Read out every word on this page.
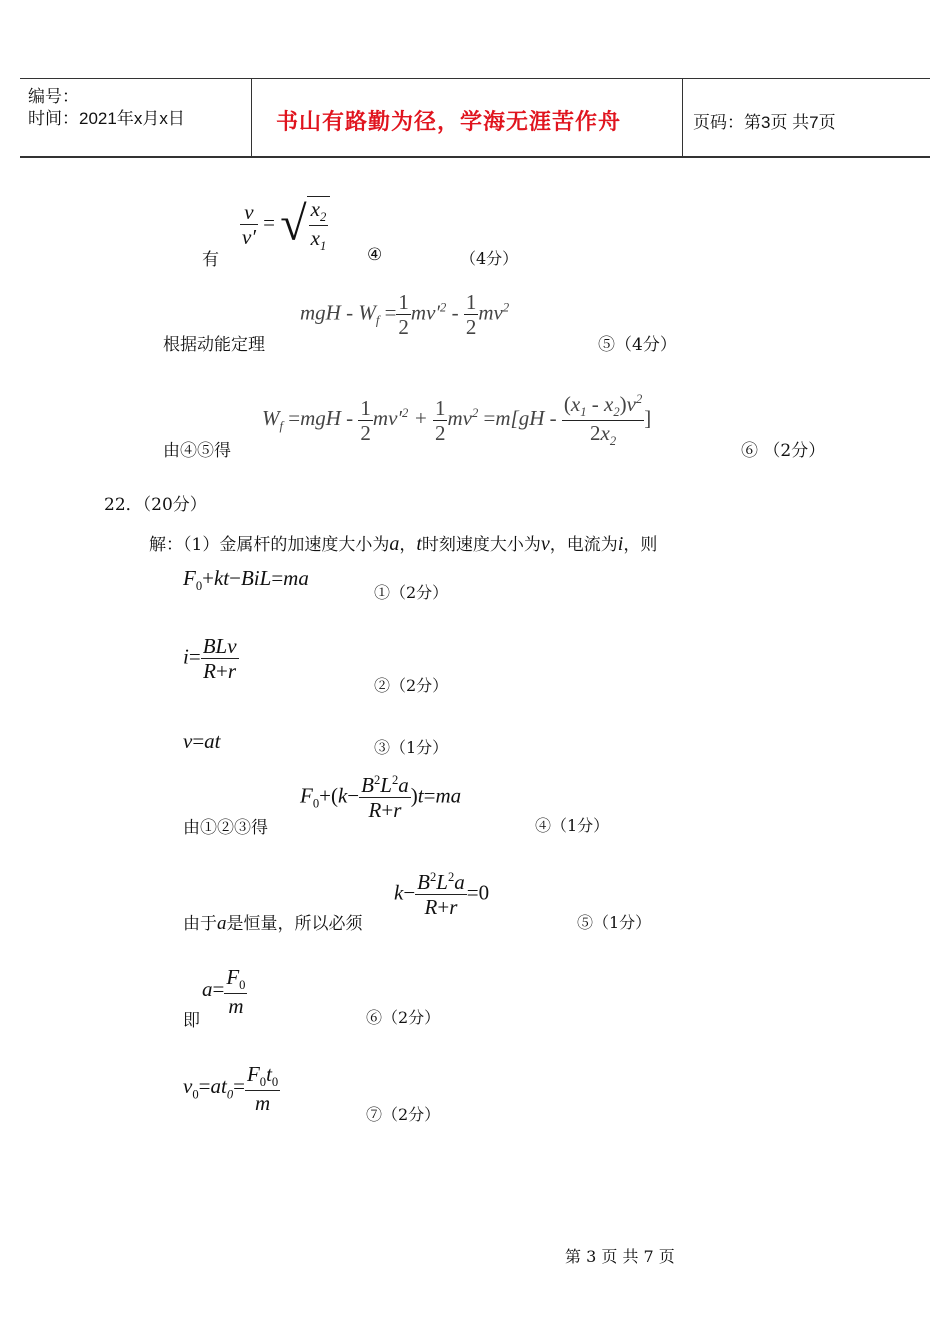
编号：
时间：2021年x月x日	书山有路勤为径，学海无涯苦作舟	页码：第3页 共7页
有
$\frac{v}{v'}$ = √ $\frac{x_2}{x_1}$
④	（4分）
根据动能定理
mgH - $W_f = \frac{1}{2} mv'^2 - \frac{1}{2} mv^2$
⑤（4分）
由④⑤得
$W_f =mgH - \frac{1}{2} mv'^2 + \frac{1}{2} mv^2 =m[gH - \frac{(x_1 - x_2)v^2}{2x_2}$ ]
⑥ （2分）
22．（20分）
解：（1）金属杆的加速度大小为a，t时刻速度大小为v，电流为i，则
$F_0+kt-BiL=ma$
①（2分）
$i= \frac{\text{BLv}}{R+r}$
②（2分）
v=at	③（1分）
由①②③得
$F_0+(k- \frac{B^2L^2a}{R+r} )t=ma$
④（1分）
由于a是恒量，所以必须
$k- \frac{B^2L^2a}{R+r} =0$
⑤（1分）
即
$a= \frac{F_0}{m}$	⑥（2分）
$v_0=at_0= \frac{F_0t_0}{m}$	⑦（2分）
第 3 页 共 7 页
